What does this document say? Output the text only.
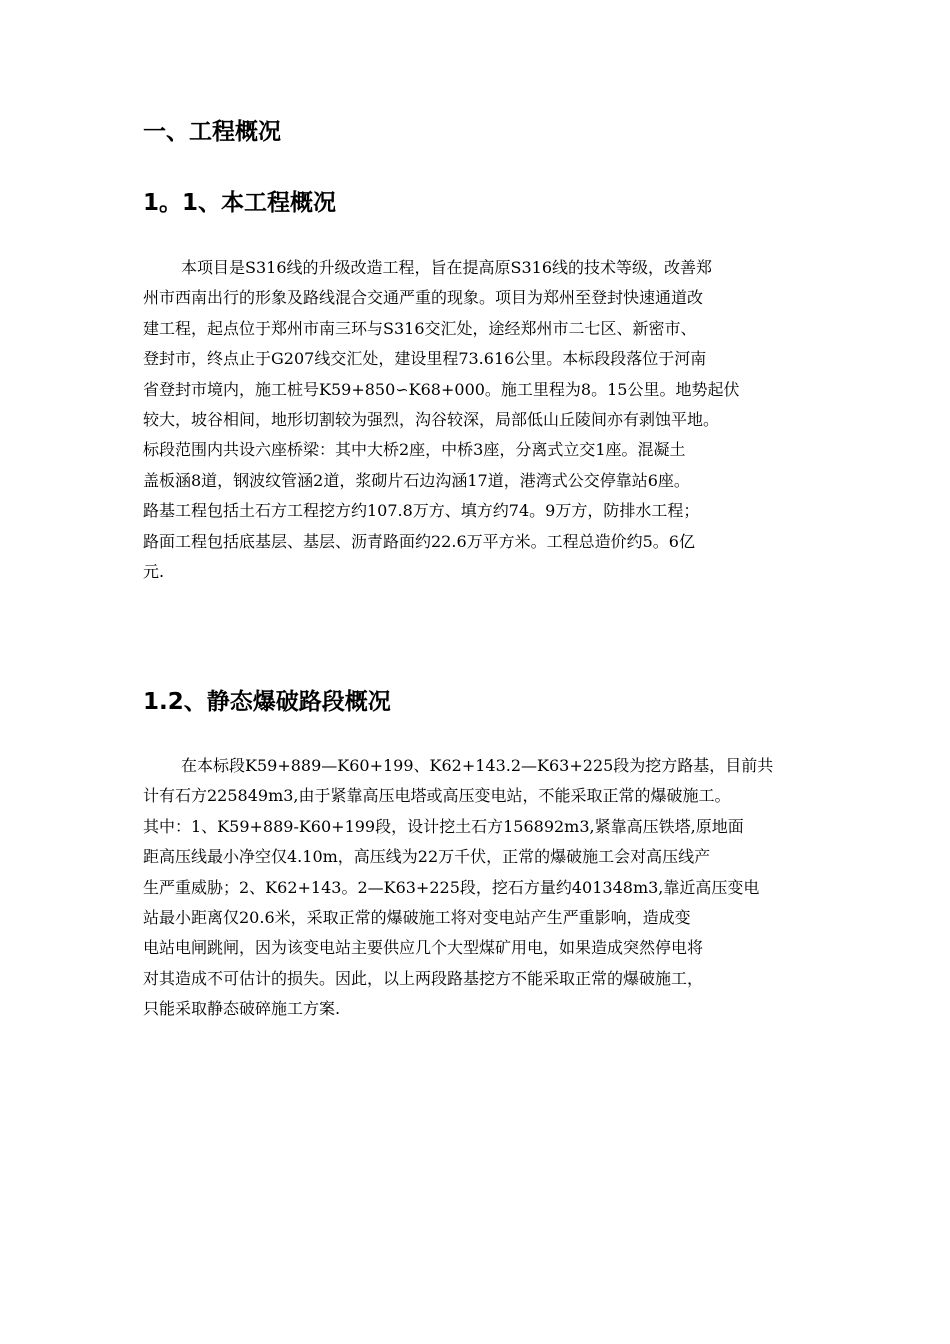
一、工程概况
1。1、本工程概况

本项目是S316线的升级改造工程，旨在提高原S316线的技术等级，改善郑
州市西南出行的形象及路线混合交通严重的现象。项目为郑州至登封快速通道改
建工程，起点位于郑州市南三环与S316交汇处，途经郑州市二七区、新密市、
登封市，终点止于G207线交汇处，建设里程73.616公里。本标段段落位于河南
省登封市境内，施工桩号K59+850∽K68+000。施工里程为8。15公里。地势起伏
较大，坡谷相间，地形切割较为强烈，沟谷较深，局部低山丘陵间亦有剥蚀平地。
标段范围内共设六座桥梁：其中大桥2座，中桥3座，分离式立交1座。混凝土
盖板涵8道，钢波纹管涵2道，浆砌片石边沟涵17道，港湾式公交停靠站6座。
路基工程包括土石方工程挖方约107.8万方、填方约74。9万方，防排水工程；
路面工程包括底基层、基层、沥青路面约22.6万平方米。工程总造价约5。6亿
元.

1.2、静态爆破路段概况

在本标段K59+889—K60+199、K62+143.2—K63+225段为挖方路基，目前共
计有石方225849m3,由于紧靠高压电塔或高压变电站，不能采取正常的爆破施工。
其中：1、K59+889-K60+199段，设计挖土石方156892m3,紧靠高压铁塔,原地面
距高压线最小净空仅4.10m，高压线为22万千伏，正常的爆破施工会对高压线产
生严重威胁；2、K62+143。2—K63+225段，挖石方量约401348m3,靠近高压变电
站最小距离仅20.6米，采取正常的爆破施工将对变电站产生严重影响，造成变
电站电闸跳闸，因为该变电站主要供应几个大型煤矿用电，如果造成突然停电将
对其造成不可估计的损失。因此，以上两段路基挖方不能采取正常的爆破施工，
只能采取静态破碎施工方案.
